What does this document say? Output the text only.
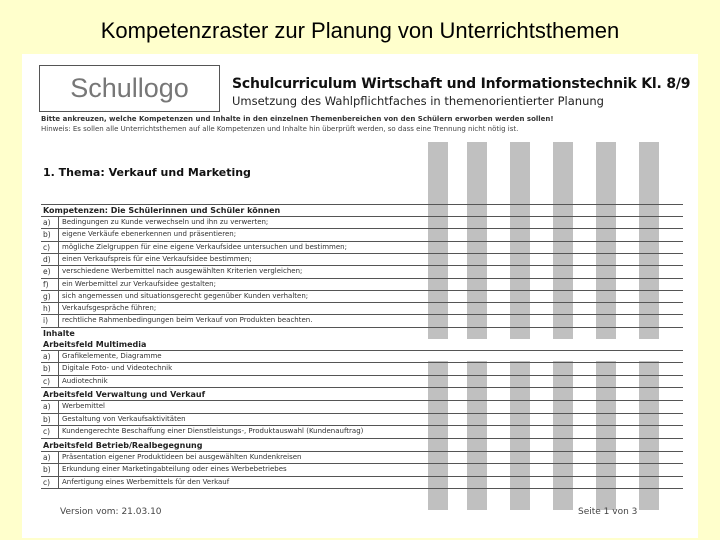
Kompetenzraster zur Planung von Unterrichtsthemen
Schullogo	Schulcurriculum Wirtschaft und Informationstechnik Kl. 8/9
Umsetzung des Wahlpflichtfaches in themenorientierter Planung
Bitte ankreuzen, welche Kompetenzen und Inhalte in den einzelnen Themenbereichen von den Schülern erworben werden sollen!
Hinweis: Es sollen alle Unterrichtsthemen auf alle Kompetenzen und Inhalte hin überprüft werden, so dass eine Trennung nicht nötig ist.
1. Thema: Verkauf und Marketing
Kompetenzen: Die Schülerinnen und Schüler können
a) Bedingungen zu Kunde verwechseln und ihn zu verwerten;
b) eigene Verkäufe ebenerkennen und präsentieren;
c) mögliche Zielgruppen für eine eigene Verkaufsidee untersuchen und bestimmen;
d) einen Verkaufspreis für eine Verkaufsidee bestimmen;
e) verschiedene Werbemittel nach ausgewählten Kriterien vergleichen;
f) ein Werbemittel zur Verkaufsidee gestalten;
g) sich angemessen und situationsgerecht gegenüber Kunden verhalten;
h) Verkaufsgespräche führen;
i) rechtliche Rahmenbedingungen beim Verkauf von Produkten beachten.
Inhalte
Arbeitsfeld Multimedia
a) Grafikelemente, Diagramme
b) Digitale Foto- und Videotechnik
c) Audiotechnik
Arbeitsfeld Verwaltung und Verkauf
a) Werbemittel
b) Gestaltung von Verkaufsaktivitäten
c) Kundengerechte Beschaffung einer Dienstleistungs-, Produktauswahl (Kundenauftrag)
Arbeitsfeld Betrieb/Realbegegnung
a) Präsentation eigener Produktideen bei ausgewählten Kundenkreisen
b) Erkundung einer Marketingabteilung oder eines Werbebetriebes
c) Anfertigung eines Werbemittels für den Verkauf
Version vom: 21.03.10	Seite 1 von 3
